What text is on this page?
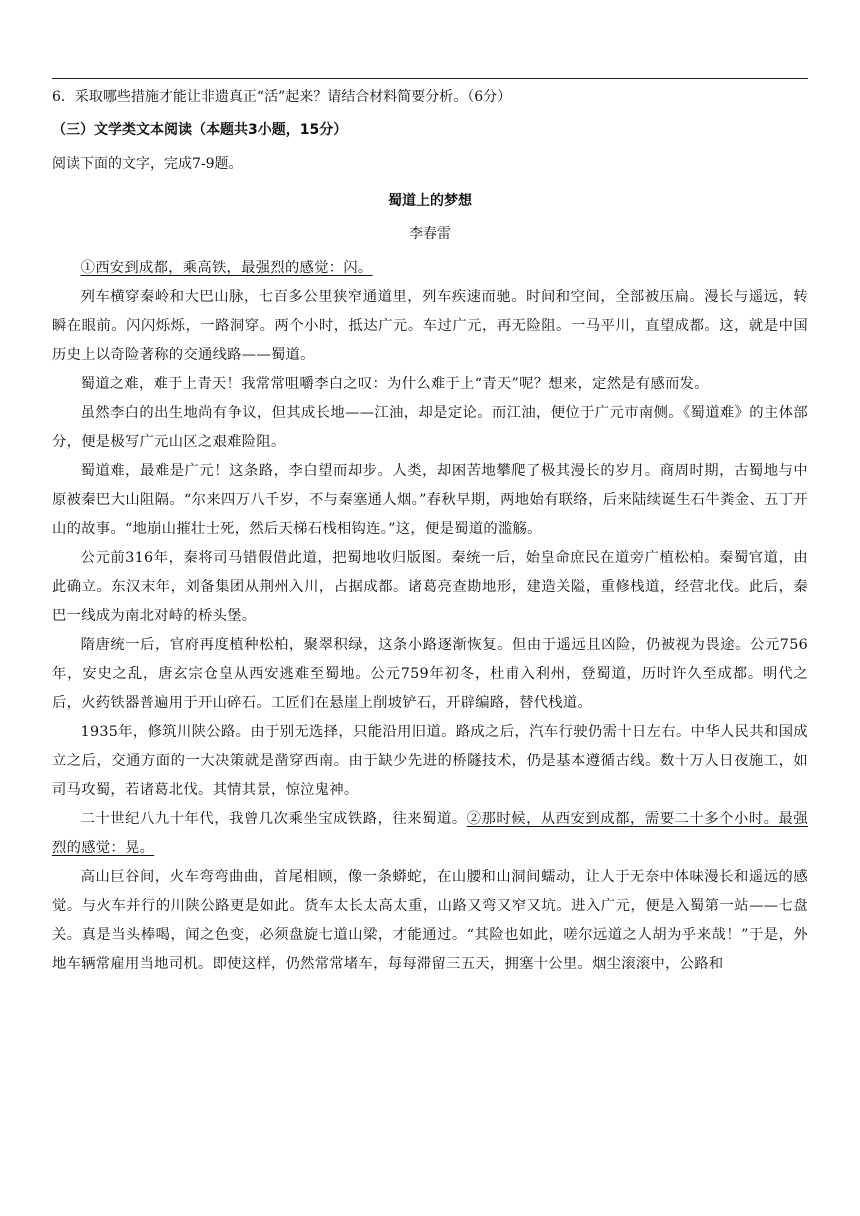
6．采取哪些措施才能让非遗真正“活”起来？请结合材料简要分析。（6分）

（三）文学类文本阅读（本题共3小题，15分）

阅读下面的文字，完成7-9题。

蜀道上的梦想

李春雷

①西安到成都，乘高铁，最强烈的感觉：闪。

列车横穿秦岭和大巴山脉，七百多公里狭窄通道里，列车疾速而驰。时间和空间，全部被压扁。漫长与遥远，转瞬在眼前。闪闪烁烁，一路洞穿。两个小时，抵达广元。车过广元，再无险阻。一马平川，直望成都。这，就是中国历史上以奇险著称的交通线路——蜀道。

蜀道之难，难于上青天！我常常咀嚼李白之叹：为什么难于上“青天”呢？想来，定然是有感而发。

虽然李白的出生地尚有争议，但其成长地——江油，却是定论。而江油，便位于广元市南侧。《蜀道难》的主体部分，便是极写广元山区之艰难险阻。

蜀道难，最难是广元！这条路，李白望而却步。人类，却困苦地攀爬了极其漫长的岁月。商周时期，古蜀地与中原被秦巴大山阻隔。“尔来四万八千岁，不与秦塞通人烟。”春秋早期，两地始有联络，后来陆续诞生石牛粪金、五丁开山的故事。“地崩山摧壮士死，然后天梯石栈相钩连。”这，便是蜀道的滥觞。

公元前316年，秦将司马错假借此道，把蜀地收归版图。秦统一后，始皇命庶民在道旁广植松柏。秦蜀官道，由此确立。东汉末年，刘备集团从荆州入川，占据成都。诸葛亮查勘地形，建造关隘，重修栈道，经营北伐。此后，秦巴一线成为南北对峙的桥头堡。

隋唐统一后，官府再度植种松柏，聚翠积绿，这条小路逐渐恢复。但由于遥远且凶险，仍被视为畏途。公元756年，安史之乱，唐玄宗仓皇从西安逃难至蜀地。公元759年初冬，杜甫入利州，登蜀道，历时许久至成都。明代之后，火药铁器普遍用于开山碎石。工匠们在悬崖上削坡铲石，开辟编路，替代栈道。

1935年，修筑川陕公路。由于别无选择，只能沿用旧道。路成之后，汽车行驶仍需十日左右。中华人民共和国成立之后，交通方面的一大决策就是凿穿西南。由于缺少先进的桥隧技术，仍是基本遵循古线。数十万人日夜施工，如司马攻蜀，若诸葛北伐。其情其景，惊泣鬼神。

二十世纪八九十年代，我曾几次乘坐宝成铁路，往来蜀道。②那时候，从西安到成都，需要二十多个小时。最强烈的感觉：晃。

高山巨谷间，火车弯弯曲曲，首尾相顾，像一条蟒蛇，在山腰和山洞间蠕动，让人于无奈中体味漫长和遥远的感觉。与火车并行的川陕公路更是如此。货车太长太高太重，山路又弯又窄又坑。进入广元，便是入蜀第一站——七盘关。真是当头棒喝，闻之色变，必须盘旋七道山梁，才能通过。“其险也如此，嗟尔远道之人胡为乎来哉！”于是，外地车辆常雇用当地司机。即使这样，仍然常常堵车，每每滞留三五天，拥塞十公里。烟尘滚滚中，公路和
